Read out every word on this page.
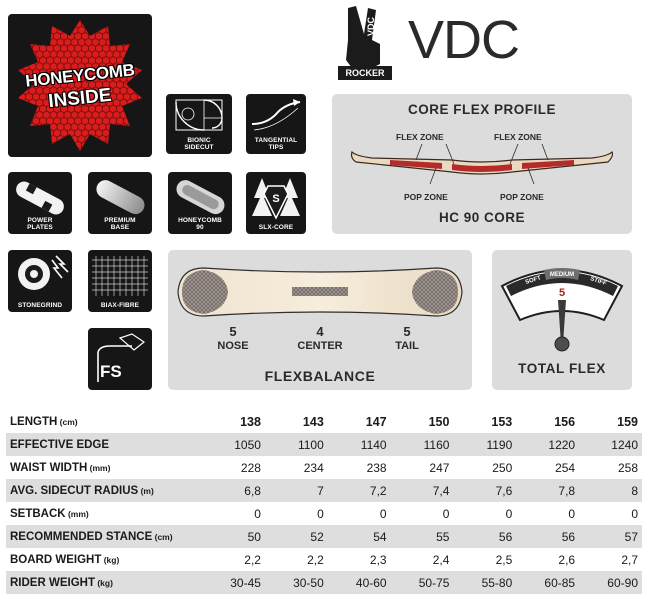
HONEYCOMB
INSIDE
VDC
ROCKER
VDC
BIONIC
SIDECUT
TANGENTIAL
TIPS
POWER
PLATES
PREMIUM
BASE
HONEYCOMB
90
S
SLX-CORE
STONEGRIND	BIAX-FIBRE
FS
CORE FLEX PROFILE
FLEX ZONE	FLEX ZONE
POP ZONE	POP ZONE
HC 90 CORE
5
NOSE
4
CENTER
5
TAIL
FLEXBALANCE
SOFT
MEDIUM
STIFF
5
TOTAL FLEX
LENGTH (cm)	138	143	147	150	153	156	159
EFFECTIVE EDGE	1050	1100	1140	1160	1190	1220	1240
WAIST WIDTH (mm)	228	234	238	247	250	254	258
AVG. SIDECUT RADIUS (m)	6,8	7	7,2	7,4	7,6	7,8	8
SETBACK (mm)	0	0	0	0	0	0	0
RECOMMENDED STANCE (cm)	50	52	54	55	56	56	57
BOARD WEIGHT (kg)	2,2	2,2	2,3	2,4	2,5	2,6	2,7
RIDER WEIGHT (kg)	30-45	30-50	40-60	50-75	55-80	60-85	60-90
